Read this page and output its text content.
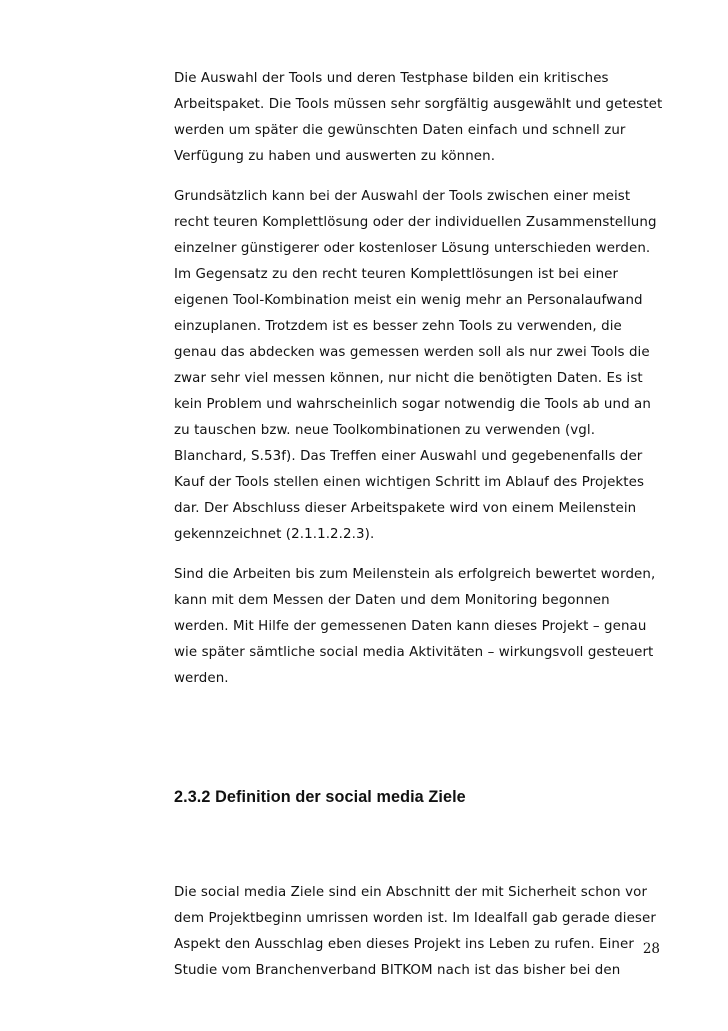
Die Auswahl der Tools und deren Testphase bilden ein kritisches Arbeitspaket. Die Tools müssen sehr sorgfältig ausgewählt und getestet werden um später die gewünschten Daten einfach und schnell zur Verfügung zu haben und auswerten zu können.

Grundsätzlich kann bei der Auswahl der Tools zwischen einer meist recht teuren Komplettlösung oder der individuellen Zusammenstellung einzelner günstigerer oder kostenloser Lösung unterschieden werden. Im Gegensatz zu den recht teuren Komplettlösungen ist bei einer eigenen Tool-Kombination meist ein wenig mehr an Personalaufwand einzuplanen. Trotzdem ist es besser zehn Tools zu verwenden, die genau das abdecken was gemessen werden soll als nur zwei Tools die zwar sehr viel messen können, nur nicht die benötigten Daten. Es ist kein Problem und wahrscheinlich sogar notwendig die Tools ab und an zu tauschen bzw. neue Toolkombinationen zu verwenden (vgl. Blanchard, S.53f). Das Treffen einer Auswahl und gegebenenfalls der Kauf der Tools stellen einen wichtigen Schritt im Ablauf des Projektes dar. Der Abschluss dieser Arbeitspakete wird von einem Meilenstein gekennzeichnet (2.1.1.2.2.3).

Sind die Arbeiten bis zum Meilenstein als erfolgreich bewertet worden, kann mit dem Messen der Daten und dem Monitoring begonnen werden. Mit Hilfe der gemessenen Daten kann dieses Projekt – genau wie später sämtliche social media Aktivitäten – wirkungsvoll gesteuert werden.

2.3.2 Definition der social media Ziele

Die social media Ziele sind ein Abschnitt der mit Sicherheit schon vor dem Projektbeginn umrissen worden ist. Im Idealfall gab gerade dieser Aspekt den Ausschlag eben dieses Projekt ins Leben zu rufen. Einer Studie vom Branchenverband BITKOM nach ist das bisher bei den

28
